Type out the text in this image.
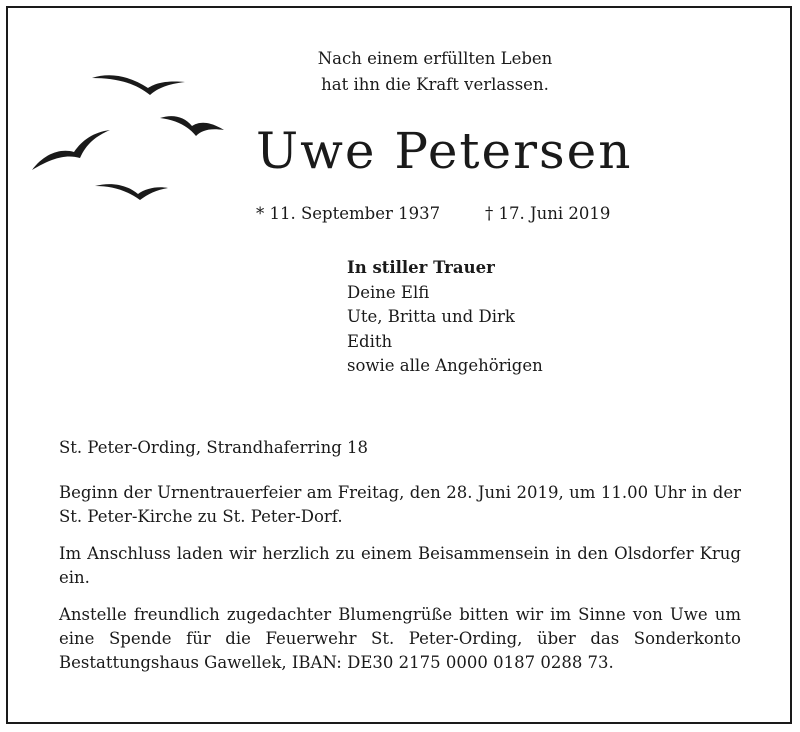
Nach einem erfüllten Leben
hat ihn die Kraft verlassen.
Uwe Petersen
* 11. September 1937	† 17. Juni 2019
In stiller Trauer
Deine Elfi
Ute, Britta und Dirk
Edith
sowie alle Angehörigen
St. Peter-Ording, Strandhaferring 18
Beginn der Urnentrauerfeier am Freitag, den 28. Juni 2019, um 11.00 Uhr in der St. Peter-Kirche zu St. Peter-Dorf.
Im Anschluss laden wir herzlich zu einem Beisammensein in den Olsdorfer Krug ein.
Anstelle freundlich zugedachter Blumengrüße bitten wir im Sinne von Uwe um eine Spende für die Feuerwehr St. Peter-Ording, über das Sonderkonto Bestattungshaus Gawellek, IBAN: DE30 2175 0000 0187 0288 73.
